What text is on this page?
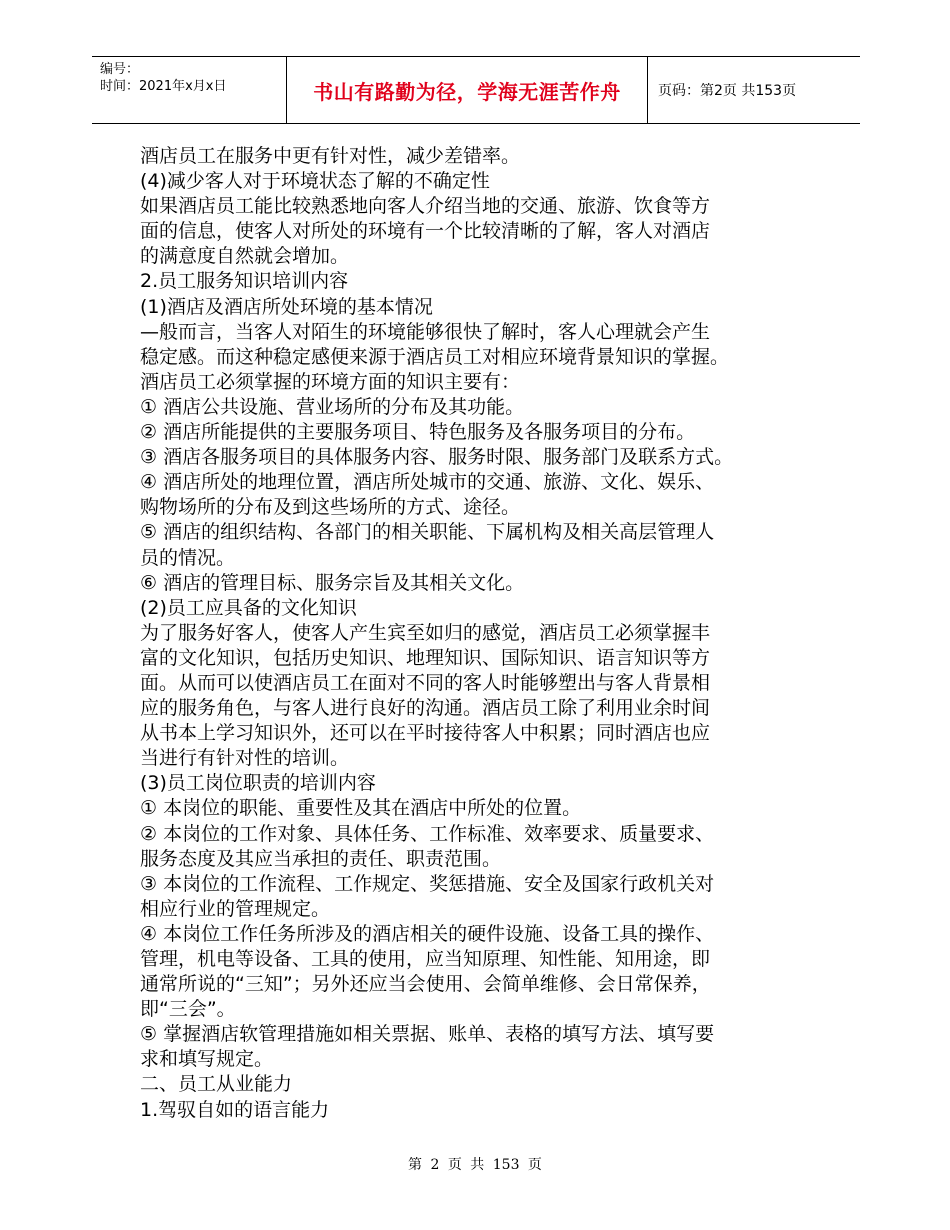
编号：
时间：2021年x月x日	书山有路勤为径，学海无涯苦作舟	页码：第2页 共153页

酒店员工在服务中更有针对性，减少差错率。

(4)减少客人对于环境状态了解的不确定性

如果酒店员工能比较熟悉地向客人介绍当地的交通、旅游、饮食等方

面的信息，使客人对所处的环境有一个比较清晰的了解，客人对酒店

的满意度自然就会增加。

2.员工服务知识培训内容

(1)酒店及酒店所处环境的基本情况

—般而言，当客人对陌生的环境能够很快了解时，客人心理就会产生

稳定感。而这种稳定感便来源于酒店员工对相应环境背景知识的掌握。

酒店员工必须掌握的环境方面的知识主要有：

① 酒店公共设施、营业场所的分布及其功能。

② 酒店所能提供的主要服务项目、特色服务及各服务项目的分布。

③ 酒店各服务项目的具体服务内容、服务时限、服务部门及联系方式。

④ 酒店所处的地理位置，酒店所处城市的交通、旅游、文化、娱乐、

购物场所的分布及到这些场所的方式、途径。

⑤ 酒店的组织结构、各部门的相关职能、下属机构及相关高层管理人

员的情况。

⑥ 酒店的管理目标、服务宗旨及其相关文化。

(2)员工应具备的文化知识

为了服务好客人，使客人产生宾至如归的感觉，酒店员工必须掌握丰

富的文化知识，包括历史知识、地理知识、国际知识、语言知识等方

面。从而可以使酒店员工在面对不同的客人时能够塑出与客人背景相

应的服务角色，与客人进行良好的沟通。酒店员工除了利用业余时间

从书本上学习知识外，还可以在平时接待客人中积累；同时酒店也应

当进行有针对性的培训。

(3)员工岗位职责的培训内容

① 本岗位的职能、重要性及其在酒店中所处的位置。

② 本岗位的工作对象、具体任务、工作标准、效率要求、质量要求、

服务态度及其应当承担的责任、职责范围。

③ 本岗位的工作流程、工作规定、奖惩措施、安全及国家行政机关对

相应行业的管理规定。

④ 本岗位工作任务所涉及的酒店相关的硬件设施、设备工具的操作、

管理，机电等设备、工具的使用，应当知原理、知性能、知用途，即

通常所说的“三知”；另外还应当会使用、会简单维修、会日常保养，

即“三会”。

⑤ 掌握酒店软管理措施如相关票据、账单、表格的填写方法、填写要

求和填写规定。

二、员工从业能力

1.驾驭自如的语言能力

第 2 页 共 153 页
